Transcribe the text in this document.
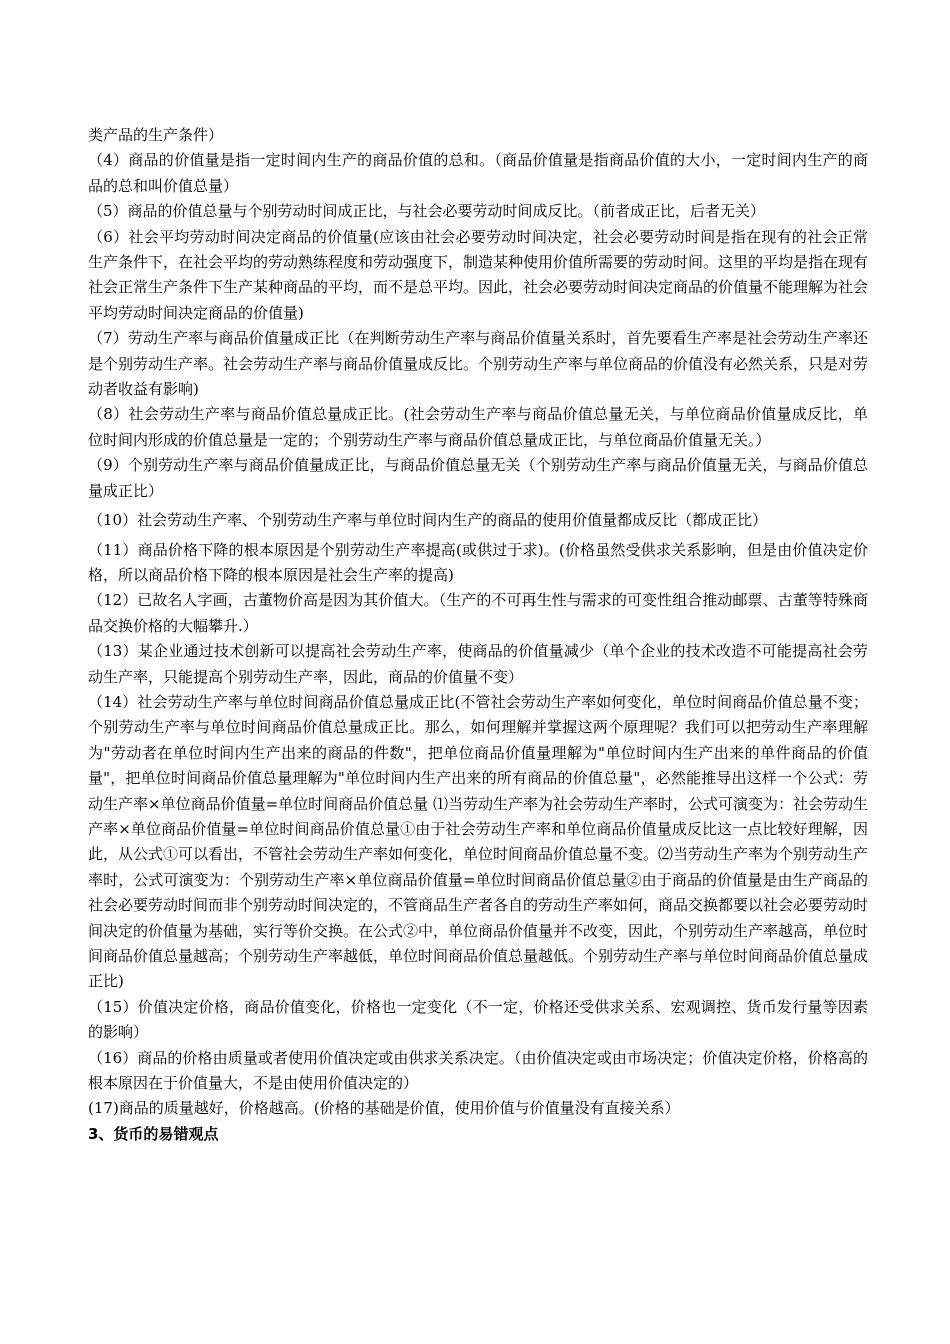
类产品的生产条件）

（4）商品的价值量是指一定时间内生产的商品价值的总和。（商品价值量是指商品价值的大小，一定时间内生产的商品的总和叫价值总量）

（5）商品的价值总量与个别劳动时间成正比，与社会必要劳动时间成反比。（前者成正比，后者无关）

（6）社会平均劳动时间决定商品的价值量(应该由社会必要劳动时间决定，社会必要劳动时间是指在现有的社会正常生产条件下，在社会平均的劳动熟练程度和劳动强度下，制造某种使用价值所需要的劳动时间。这里的平均是指在现有社会正常生产条件下生产某种商品的平均，而不是总平均。因此，社会必要劳动时间决定商品的价值量不能理解为社会平均劳动时间决定商品的价值量)

（7）劳动生产率与商品价值量成正比（在判断劳动生产率与商品价值量关系时，首先要看生产率是社会劳动生产率还是个别劳动生产率。社会劳动生产率与商品价值量成反比。个别劳动生产率与单位商品的价值没有必然关系，只是对劳动者收益有影响)

（8）社会劳动生产率与商品价值总量成正比。(社会劳动生产率与商品价值总量无关，与单位商品价值量成反比，单位时间内形成的价值总量是一定的；个别劳动生产率与商品价值总量成正比，与单位商品价值量无关。）

（9）个别劳动生产率与商品价值量成正比，与商品价值总量无关（个别劳动生产率与商品价值量无关，与商品价值总量成正比）

（10）社会劳动生产率、个别劳动生产率与单位时间内生产的商品的使用价值量都成反比（都成正比）

（11）商品价格下降的根本原因是个别劳动生产率提高(或供过于求)。(价格虽然受供求关系影响，但是由价值决定价格，所以商品价格下降的根本原因是社会生产率的提高)

（12）已故名人字画，古董物价高是因为其价值大。（生产的不可再生性与需求的可变性组合推动邮票、古董等特殊商品交换价格的大幅攀升.）

（13）某企业通过技术创新可以提高社会劳动生产率，使商品的价值量减少（单个企业的技术改造不可能提高社会劳动生产率，只能提高个别劳动生产率，因此，商品的价值量不变）

（14）社会劳动生产率与单位时间商品价值总量成正比(不管社会劳动生产率如何变化，单位时间商品价值总量不变；个别劳动生产率与单位时间商品价值总量成正比。那么，如何理解并掌握这两个原理呢？我们可以把劳动生产率理解为"劳动者在单位时间内生产出来的商品的件数"，把单位商品价值量理解为"单位时间内生产出来的单件商品的价值量"，把单位时间商品价值总量理解为"单位时间内生产出来的所有商品的价值总量"，必然能推导出这样一个公式：劳动生产率×单位商品价值量=单位时间商品价值总量 ⑴当劳动生产率为社会劳动生产率时，公式可演变为：社会劳动生产率×单位商品价值量=单位时间商品价值总量①由于社会劳动生产率和单位商品价值量成反比这一点比较好理解，因此，从公式①可以看出，不管社会劳动生产率如何变化，单位时间商品价值总量不变。⑵当劳动生产率为个别劳动生产率时，公式可演变为：个别劳动生产率×单位商品价值量=单位时间商品价值总量②由于商品的价值量是由生产商品的社会必要劳动时间而非个别劳动时间决定的，不管商品生产者各自的劳动生产率如何，商品交换都要以社会必要劳动时间决定的价值量为基础，实行等价交换。在公式②中，单位商品价值量并不改变，因此，个别劳动生产率越高，单位时间商品价值总量越高；个别劳动生产率越低，单位时间商品价值总量越低。个别劳动生产率与单位时间商品价值总量成正比)

（15）价值决定价格，商品价值变化，价格也一定变化（不一定，价格还受供求关系、宏观调控、货币发行量等因素的影响）

（16）商品的价格由质量或者使用价值决定或由供求关系决定。（由价值决定或由市场决定；价值决定价格，价格高的根本原因在于价值量大，不是由使用价值决定的）

(17)商品的质量越好，价格越高。(价格的基础是价值，使用价值与价值量没有直接关系）

3、货币的易错观点
